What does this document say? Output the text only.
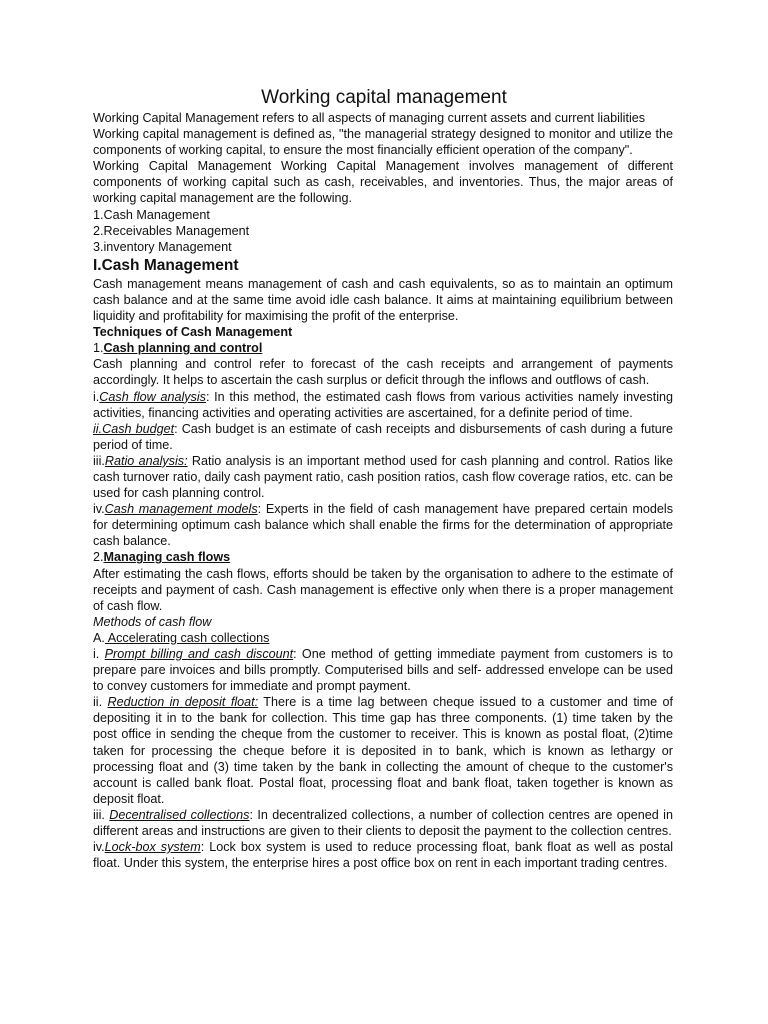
Working capital management

Working Capital Management refers to all aspects of managing current assets and current liabilities

Working capital management is defined as, "the managerial strategy designed to monitor and utilize the components of working capital, to ensure the most financially efficient operation of the company".

Working Capital Management Working Capital Management involves management of different components of working capital such as cash, receivables, and inventories. Thus, the major areas of working capital management are the following.

1.Cash Management

2.Receivables Management

3.inventory Management

I.Cash Management

Cash management means management of cash and cash equivalents, so as to maintain an optimum cash balance and at the same time avoid idle cash balance. It aims at maintaining equilibrium between liquidity and profitability for maximising the profit of the enterprise.

Techniques of Cash Management

1.Cash planning and control

Cash planning and control refer to forecast of the cash receipts and arrangement of payments accordingly. It helps to ascertain the cash surplus or deficit through the inflows and outflows of cash.

i.Cash flow analysis: In this method, the estimated cash flows from various activities namely investing activities, financing activities and operating activities are ascertained, for a definite period of time.

ii.Cash budget: Cash budget is an estimate of cash receipts and disbursements of cash during a future period of time.

iii.Ratio analysis: Ratio analysis is an important method used for cash planning and control. Ratios like cash turnover ratio, daily cash payment ratio, cash position ratios, cash flow coverage ratios, etc. can be used for cash planning control.

iv.Cash management models: Experts in the field of cash management have prepared certain models for determining optimum cash balance which shall enable the firms for the determination of appropriate cash balance.

2.Managing cash flows

After estimating the cash flows, efforts should be taken by the organisation to adhere to the estimate of receipts and payment of cash. Cash management is effective only when there is a proper management of cash flow.

Methods of cash flow

A. Accelerating cash collections

i. Prompt billing and cash discount: One method of getting immediate payment from customers is to prepare pare invoices and bills promptly. Computerised bills and self- addressed envelope can be used to convey customers for immediate and prompt payment.

ii. Reduction in deposit float: There is a time lag between cheque issued to a customer and time of depositing it in to the bank for collection. This time gap has three components. (1) time taken by the post office in sending the cheque from the customer to receiver. This is known as postal float, (2)time taken for processing the cheque before it is deposited in to bank, which is known as lethargy or processing float and (3) time taken by the bank in collecting the amount of cheque to the customer's account is called bank float. Postal float, processing float and bank float, taken together is known as deposit float.

iii. Decentralised collections: In decentralized collections, a number of collection centres are opened in different areas and instructions are given to their clients to deposit the payment to the collection centres.

iv.Lock-box system: Lock box system is used to reduce processing float, bank float as well as postal float. Under this system, the enterprise hires a post office box on rent in each important trading centres.
